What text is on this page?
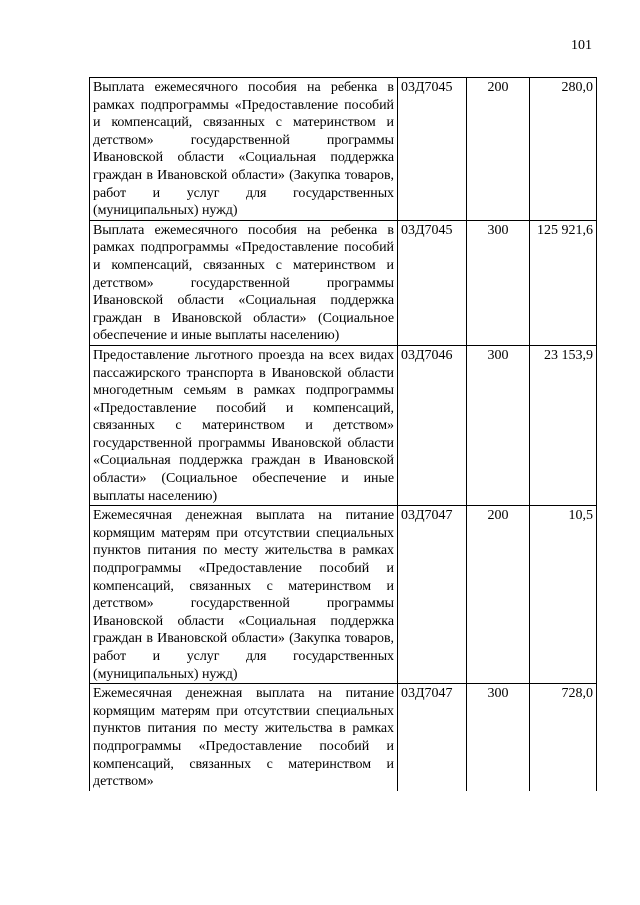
101
Выплата ежемесячного пособия на ребенка в рамках подпрограммы «Предоставление пособий и компенсаций, связанных с материнством и детством» государственной программы Ивановской области «Социальная поддержка граждан в Ивановской области» (Закупка товаров, работ и услуг для государственных (муниципальных) нужд)	03Д7045	200	280,0
Выплата ежемесячного пособия на ребенка в рамках подпрограммы «Предоставление пособий и компенсаций, связанных с материнством и детством» государственной программы Ивановской области «Социальная поддержка граждан в Ивановской области» (Социальное обеспечение и иные выплаты населению)	03Д7045	300	125 921,6
Предоставление льготного проезда на всех видах пассажирского транспорта в Ивановской области многодетным семьям в рамках подпрограммы «Предоставление пособий и компенсаций, связанных с материнством и детством» государственной программы Ивановской области «Социальная поддержка граждан в Ивановской области» (Социальное обеспечение и иные выплаты населению)	03Д7046	300	23 153,9
Ежемесячная денежная выплата на питание кормящим матерям при отсутствии специальных пунктов питания по месту жительства в рамках подпрограммы «Предоставление пособий и компенсаций, связанных с материнством и детством» государственной программы Ивановской области «Социальная поддержка граждан в Ивановской области» (Закупка товаров, работ и услуг для государственных (муниципальных) нужд)	03Д7047	200	10,5
Ежемесячная денежная выплата на питание кормящим матерям при отсутствии специальных пунктов питания по месту жительства в рамках подпрограммы «Предоставление пособий и компенсаций, связанных с материнством и детством»	03Д7047	300	728,0
